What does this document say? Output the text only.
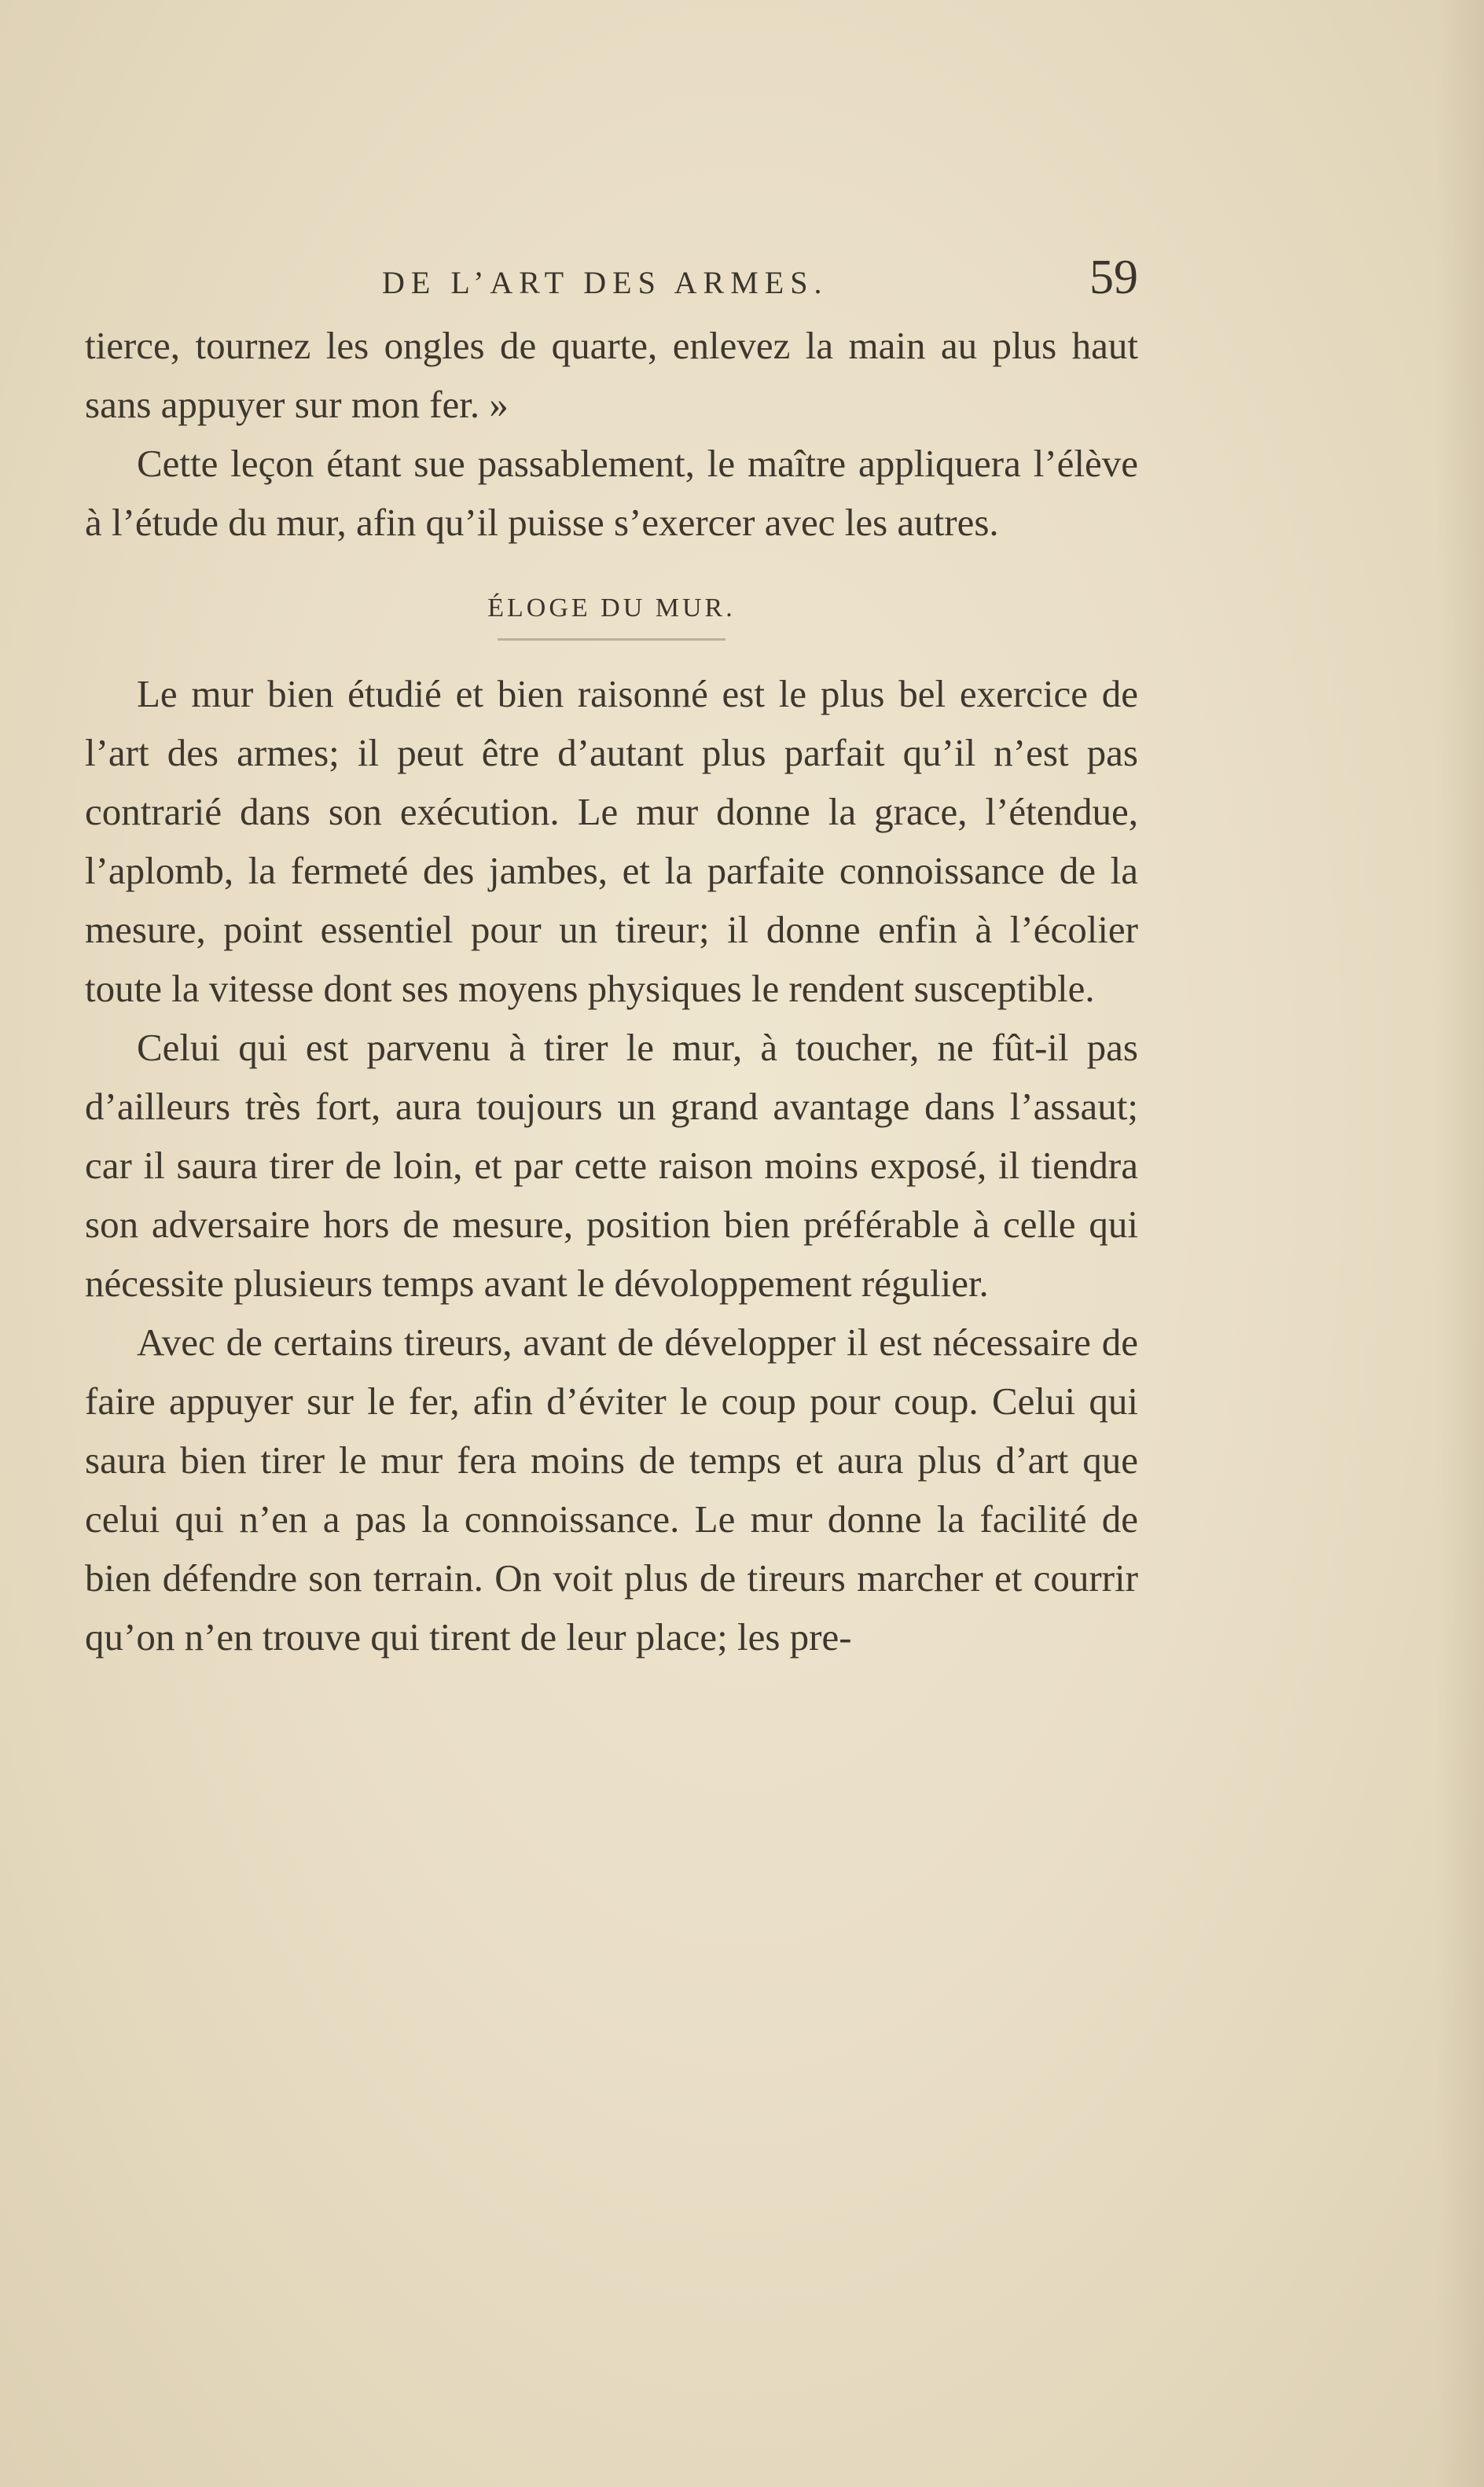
DE L’ART DES ARMES.	59

tierce, tournez les ongles de quarte, enlevez la main au plus haut sans appuyer sur mon fer. »

Cette leçon étant sue passablement, le maître appliquera l’élève à l’étude du mur, afin qu’il puisse s’exercer avec les autres.

ÉLOGE DU MUR.

Le mur bien étudié et bien raisonné est le plus bel exercice de l’art des armes; il peut être d’autant plus parfait qu’il n’est pas contrarié dans son exécution. Le mur donne la grace, l’étendue, l’aplomb, la fermeté des jambes, et la parfaite connoissance de la mesure, point essentiel pour un tireur; il donne enfin à l’écolier toute la vitesse dont ses moyens physiques le rendent susceptible.

Celui qui est parvenu à tirer le mur, à toucher, ne fût-il pas d’ailleurs très fort, aura toujours un grand avantage dans l’assaut; car il saura tirer de loin, et par cette raison moins exposé, il tiendra son adversaire hors de mesure, position bien préférable à celle qui nécessite plusieurs temps avant le dévoloppement régulier.

Avec de certains tireurs, avant de développer il est nécessaire de faire appuyer sur le fer, afin d’éviter le coup pour coup. Celui qui saura bien tirer le mur fera moins de temps et aura plus d’art que celui qui n’en a pas la connoissance. Le mur donne la facilité de bien défendre son terrain. On voit plus de tireurs marcher et courrir qu’on n’en trouve qui tirent de leur place; les pre-
